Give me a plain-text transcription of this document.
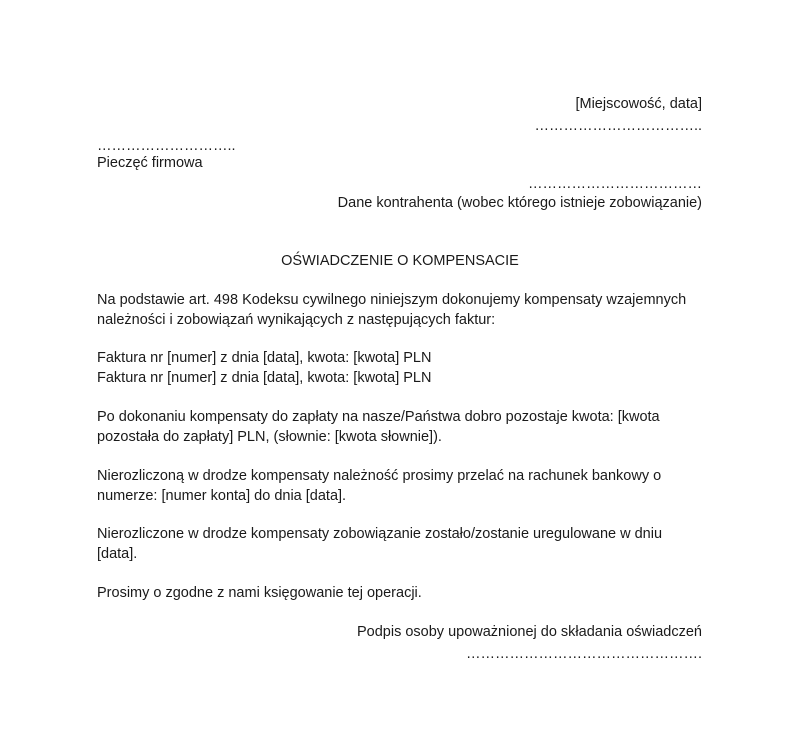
[Miejscowość, data]
……………………………..
………………………..
Pieczęć firmowa
………………………………
Dane kontrahenta (wobec którego istnieje zobowiązanie)
OŚWIADCZENIE O KOMPENSACIE
Na podstawie art. 498 Kodeksu cywilnego niniejszym dokonujemy kompensaty wzajemnych
należności i zobowiązań wynikających z następujących faktur:
Faktura nr [numer] z dnia [data], kwota: [kwota] PLN
Faktura nr [numer] z dnia [data], kwota: [kwota] PLN
Po dokonaniu kompensaty do zapłaty na nasze/Państwa dobro pozostaje kwota: [kwota
pozostała do zapłaty] PLN, (słownie: [kwota słownie]).
Nierozliczoną w drodze kompensaty należność prosimy przelać na rachunek bankowy o
numerze: [numer konta] do dnia [data].
Nierozliczone w drodze kompensaty zobowiązanie zostało/zostanie uregulowane w dniu
[data].
Prosimy o zgodne z nami księgowanie tej operacji.
Podpis osoby upoważnionej do składania oświadczeń
………………………………………….
